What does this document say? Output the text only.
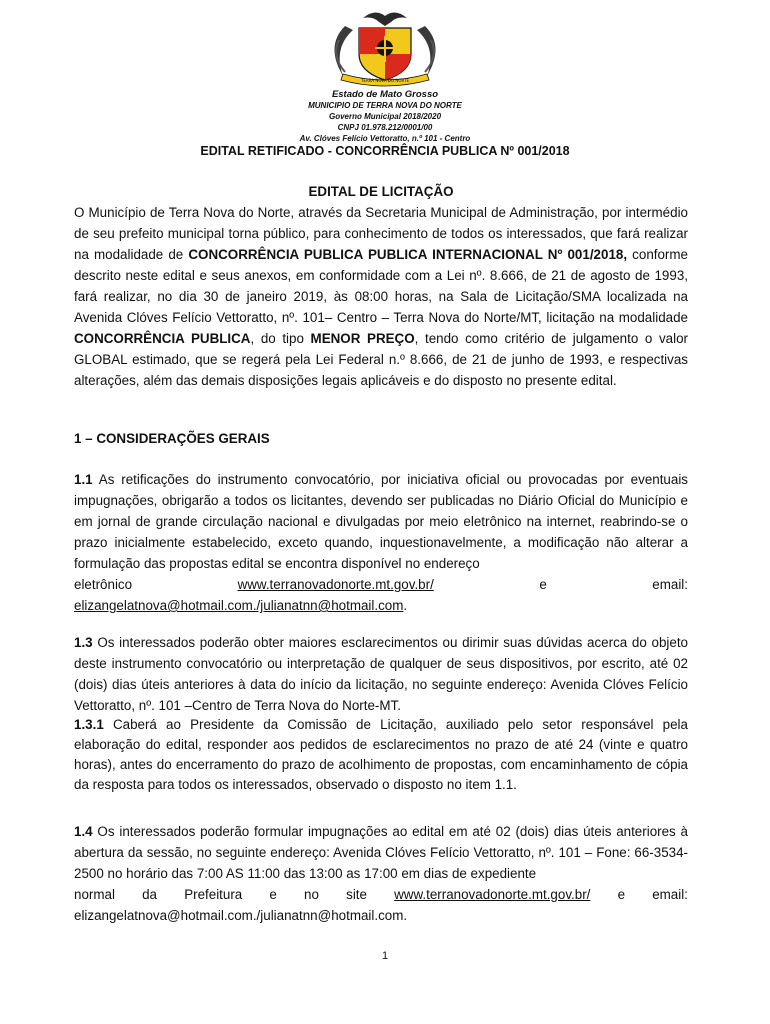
TERRA NOVA DO NORTE
Estado de Mato Grosso
MUNICIPIO DE TERRA NOVA DO NORTE
Governo Municipal 2018/2020
CNPJ 01.978.212/0001/00
Av. Clóves Felício Vettoratto, n.º 101 - Centro
EDITAL RETIFICADO - CONCORRÊNCIA PUBLICA Nº 001/2018

EDITAL DE LICITAÇÃO

O Município de Terra Nova do Norte, através da Secretaria Municipal de Administração, por intermédio de seu prefeito municipal torna público, para conhecimento de todos os interessados, que fará realizar na modalidade de CONCORRÊNCIA PUBLICA PUBLICA INTERNACIONAL Nº 001/2018, conforme descrito neste edital e seus anexos, em conformidade com a Lei nº. 8.666, de 21 de agosto de 1993, fará realizar, no dia 30 de janeiro 2019, às 08:00 horas, na Sala de Licitação/SMA localizada na Avenida Clóves Felício Vettoratto, nº. 101– Centro – Terra Nova do Norte/MT, licitação na modalidade CONCORRÊNCIA PUBLICA, do tipo MENOR PREÇO, tendo como critério de julgamento o valor GLOBAL estimado, que se regerá pela Lei Federal n.º 8.666, de 21 de junho de 1993, e respectivas alterações, além das demais disposições legais aplicáveis e do disposto no presente edital.

1 – CONSIDERAÇÕES GERAIS

1.1 As retificações do instrumento convocatório, por iniciativa oficial ou provocadas por eventuais impugnações, obrigarão a todos os licitantes, devendo ser publicadas no Diário Oficial do Município e em jornal de grande circulação nacional e divulgadas por meio eletrônico na internet, reabrindo-se o prazo inicialmente estabelecido, exceto quando, inquestionavelmente, a modificação não alterar a formulação das propostas edital se encontra disponível no endereço

eletrônico	www.terranovadonorte.mt.gov.br/	e	email:

elizangelatnova@hotmail.com./julianatnn@hotmail.com.

1.3 Os interessados poderão obter maiores esclarecimentos ou dirimir suas dúvidas acerca do objeto deste instrumento convocatório ou interpretação de qualquer de seus dispositivos, por escrito, até 02 (dois) dias úteis anteriores à data do início da licitação, no seguinte endereço: Avenida Clóves Felício Vettoratto, nº. 101 –Centro de Terra Nova do Norte-MT.

1.3.1 Caberá ao Presidente da Comissão de Licitação, auxiliado pelo setor responsável pela elaboração do edital, responder aos pedidos de esclarecimentos no prazo de até 24 (vinte e quatro horas), antes do encerramento do prazo de acolhimento de propostas, com encaminhamento de cópia da resposta para todos os interessados, observado o disposto no item 1.1.

1.4 Os interessados poderão formular impugnações ao edital em até 02 (dois) dias úteis anteriores à abertura da sessão, no seguinte endereço: Avenida Clóves Felício Vettoratto, nº. 101 – Fone: 66-3534-2500 no horário das 7:00 AS 11:00 das 13:00 as 17:00 em dias de expediente

normal da Prefeitura e no site www.terranovadonorte.mt.gov.br/ e email:

elizangelatnova@hotmail.com./julianatnn@hotmail.com.

1
